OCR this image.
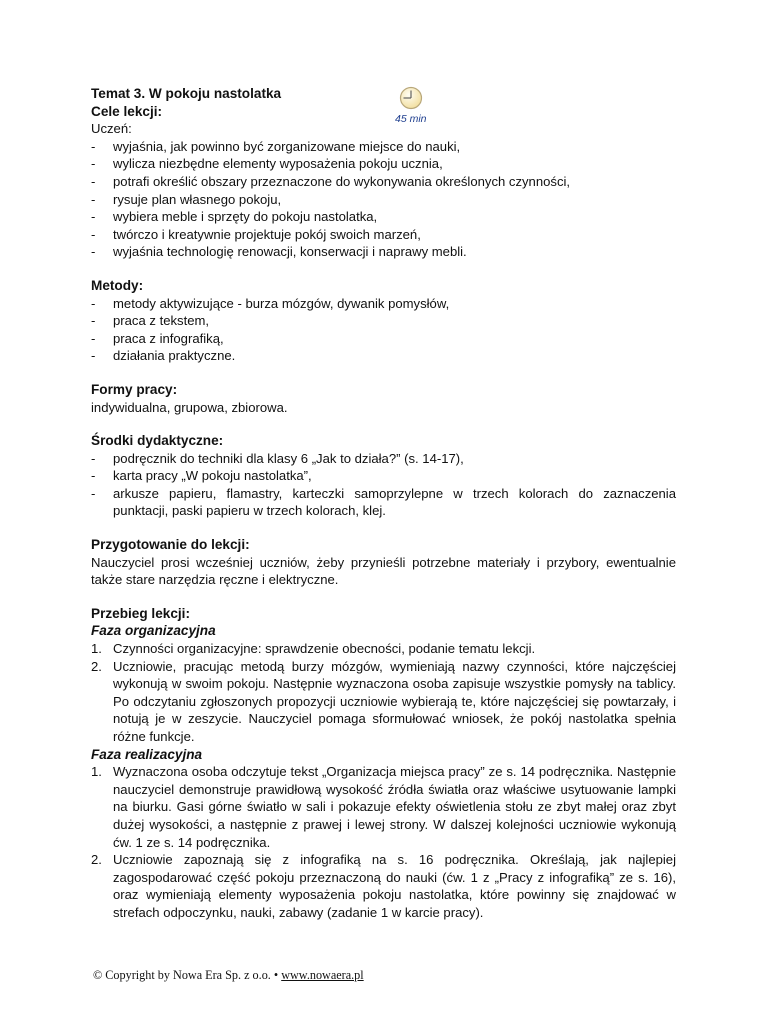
45 min

Temat 3. W pokoju nastolatka

Cele lekcji:

Uczeń:

- wyjaśnia, jak powinno być zorganizowane miejsce do nauki,

- wylicza niezbędne elementy wyposażenia pokoju ucznia,

- potrafi określić obszary przeznaczone do wykonywania określonych czynności,

- rysuje plan własnego pokoju,

- wybiera meble i sprzęty do pokoju nastolatka,

- twórczo i kreatywnie projektuje pokój swoich marzeń,

- wyjaśnia technologię renowacji, konserwacji i naprawy mebli.

Metody:

- metody aktywizujące - burza mózgów, dywanik pomysłów,

- praca z tekstem,

- praca z infografiką,

- działania praktyczne.

Formy pracy:

indywidualna, grupowa, zbiorowa.

Środki dydaktyczne:

- podręcznik do techniki dla klasy 6 „Jak to działa?” (s. 14-17),

- karta pracy „W pokoju nastolatka”,

- arkusze papieru, flamastry, karteczki samoprzylepne w trzech kolorach do zaznaczenia punktacji, paski papieru w trzech kolorach, klej.

Przygotowanie do lekcji:

Nauczyciel prosi wcześniej uczniów, żeby przynieśli potrzebne materiały i przybory, ewentualnie także stare narzędzia ręczne i elektryczne.

Przebieg lekcji:

Faza organizacyjna

1. Czynności organizacyjne: sprawdzenie obecności, podanie tematu lekcji.

2. Uczniowie, pracując metodą burzy mózgów, wymieniają nazwy czynności, które najczęściej wykonują w swoim pokoju. Następnie wyznaczona osoba zapisuje wszystkie pomysły na tablicy. Po odczytaniu zgłoszonych propozycji uczniowie wybierają te, które najczęściej się powtarzały, i notują je w zeszycie. Nauczyciel pomaga sformułować wniosek, że pokój nastolatka spełnia różne funkcje.

Faza realizacyjna

1. Wyznaczona osoba odczytuje tekst „Organizacja miejsca pracy” ze s. 14 podręcznika. Następnie nauczyciel demonstruje prawidłową wysokość źródła światła oraz właściwe usytuowanie lampki na biurku. Gasi górne światło w sali i pokazuje efekty oświetlenia stołu ze zbyt małej oraz zbyt dużej wysokości, a następnie z prawej i lewej strony. W dalszej kolejności uczniowie wykonują ćw. 1 ze s. 14 podręcznika.

2. Uczniowie zapoznają się z infografiką na s. 16 podręcznika. Określają, jak najlepiej zagospodarować część pokoju przeznaczoną do nauki (ćw. 1 z „Pracy z infografiką” ze s. 16), oraz wymieniają elementy wyposażenia pokoju nastolatka, które powinny się znajdować w strefach odpoczynku, nauki, zabawy (zadanie 1 w karcie pracy).

© Copyright by Nowa Era Sp. z o.o. • www.nowaera.pl
